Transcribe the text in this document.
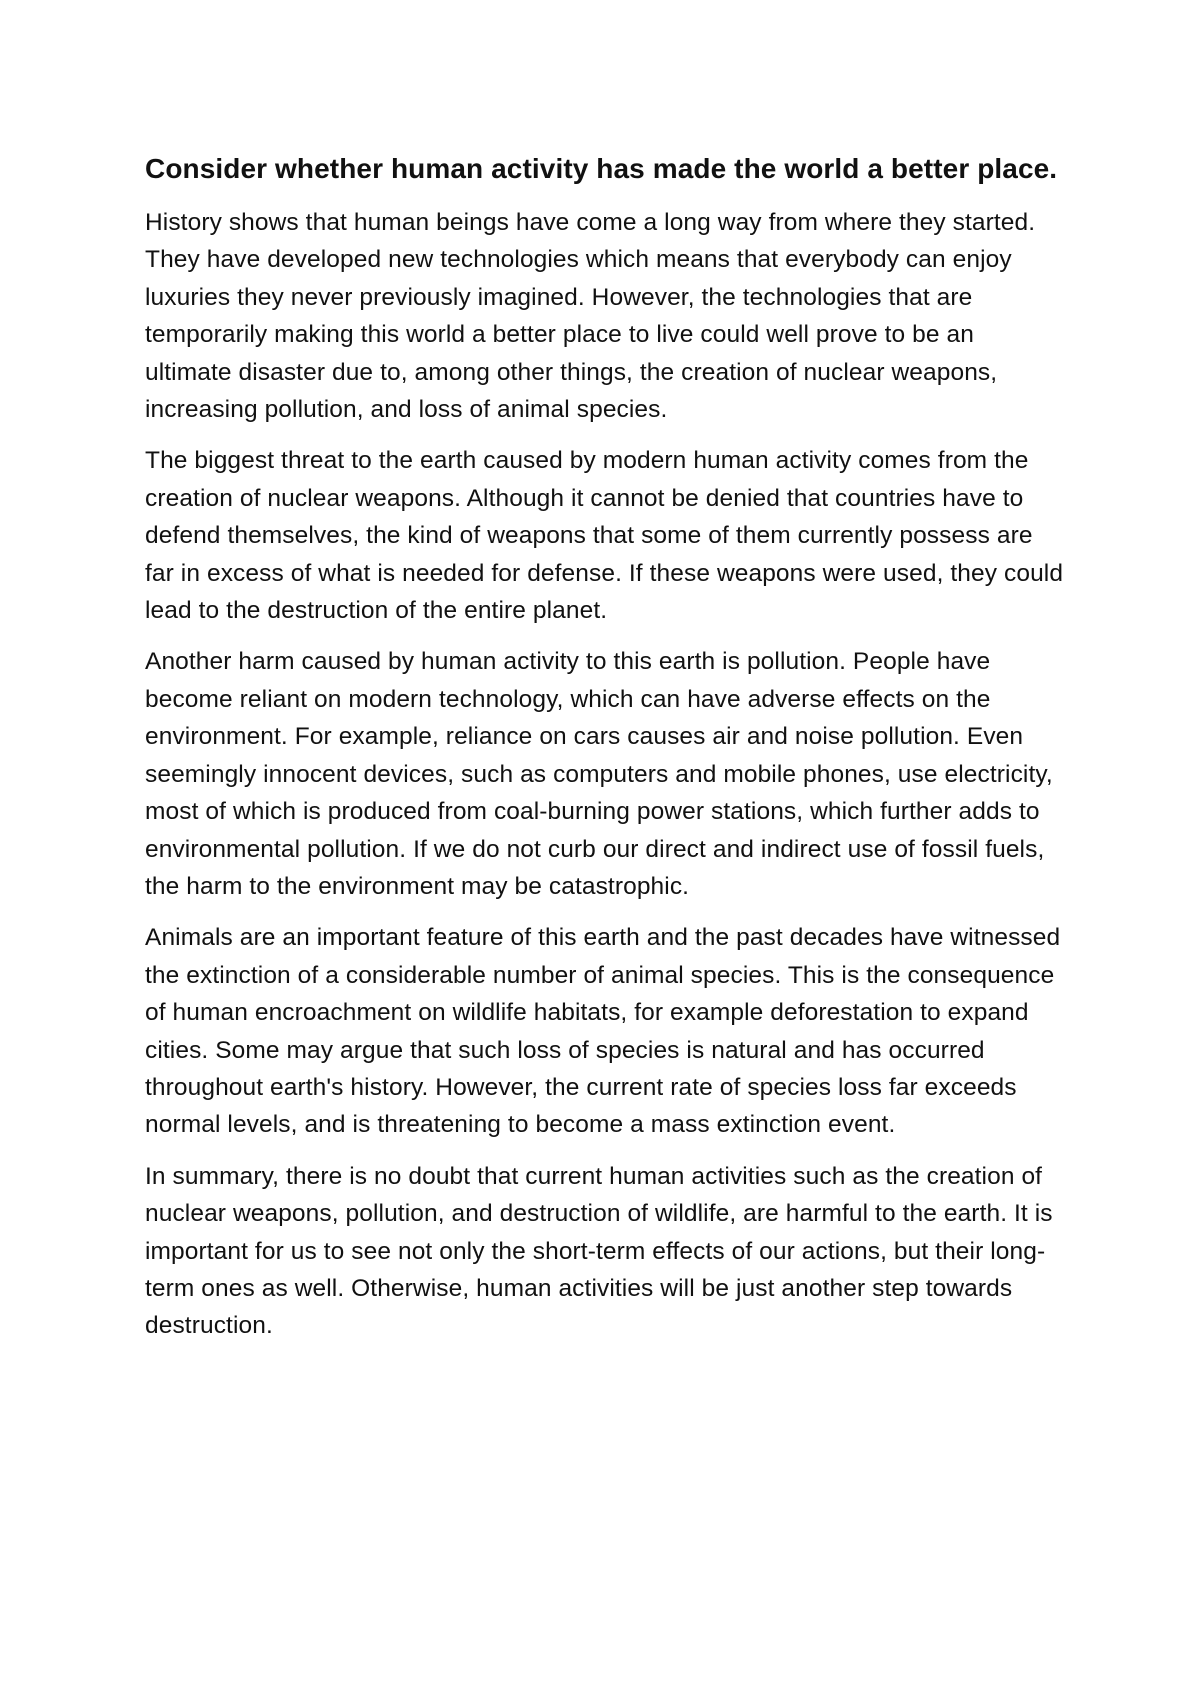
Consider whether human activity has made the world a better place.

History shows that human beings have come a long way from where they started. They have developed new technologies which means that everybody can enjoy luxuries they never previously imagined. However, the technologies that are temporarily making this world a better place to live could well prove to be an ultimate disaster due to, among other things, the creation of nuclear weapons, increasing pollution, and loss of animal species.

The biggest threat to the earth caused by modern human activity comes from the creation of nuclear weapons. Although it cannot be denied that countries have to defend themselves, the kind of weapons that some of them currently possess are far in excess of what is needed for defense. If these weapons were used, they could lead to the destruction of the entire planet.

Another harm caused by human activity to this earth is pollution. People have become reliant on modern technology, which can have adverse effects on the environment. For example, reliance on cars causes air and noise pollution. Even seemingly innocent devices, such as computers and mobile phones, use electricity, most of which is produced from coal-burning power stations, which further adds to environmental pollution. If we do not curb our direct and indirect use of fossil fuels, the harm to the environment may be catastrophic.

Animals are an important feature of this earth and the past decades have witnessed the extinction of a considerable number of animal species. This is the consequence of human encroachment on wildlife habitats, for example deforestation to expand cities. Some may argue that such loss of species is natural and has occurred throughout earth's history. However, the current rate of species loss far exceeds normal levels, and is threatening to become a mass extinction event.

In summary, there is no doubt that current human activities such as the creation of nuclear weapons, pollution, and destruction of wildlife, are harmful to the earth. It is important for us to see not only the short-term effects of our actions, but their long-term ones as well. Otherwise, human activities will be just another step towards destruction.
